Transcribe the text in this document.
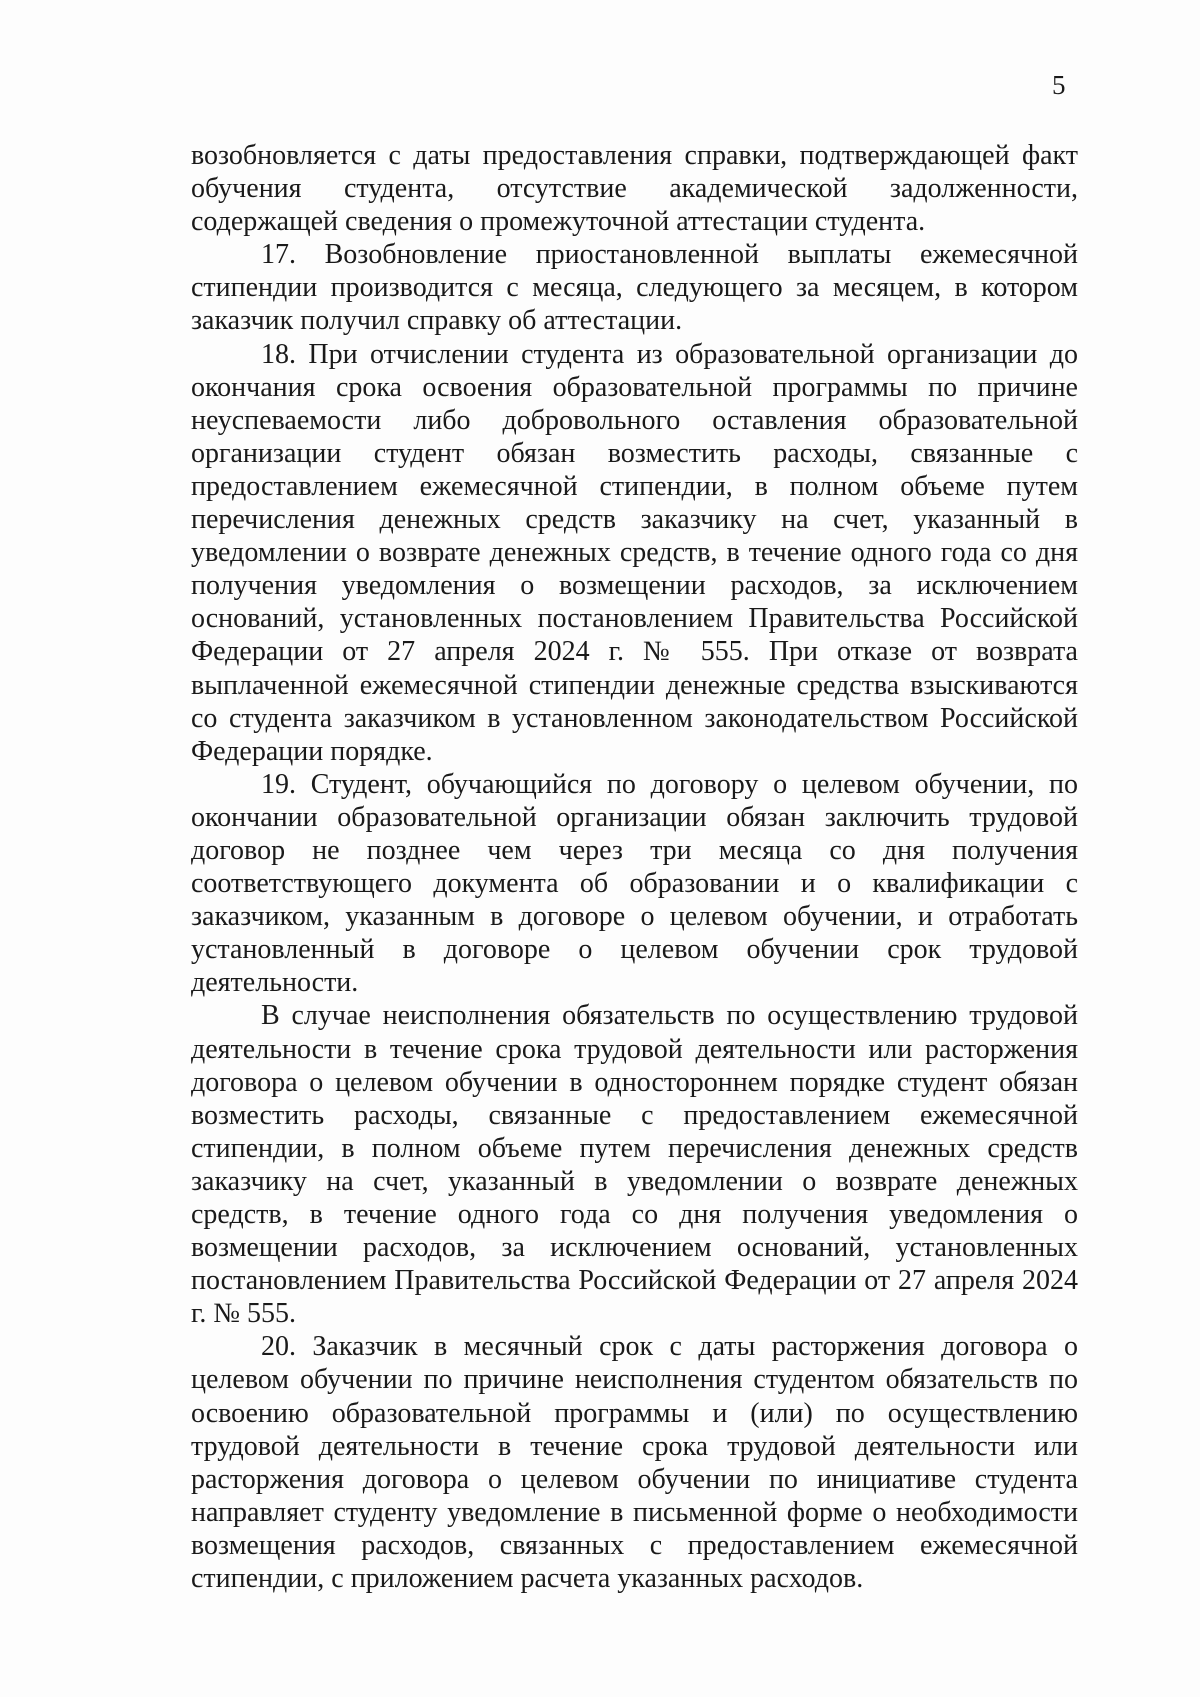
5

возобновляется с даты предоставления справки, подтверждающей факт обучения студента, отсутствие академической задолженности, содержащей сведения о промежуточной аттестации студента.

17. Возобновление приостановленной выплаты ежемесячной стипендии производится с месяца, следующего за месяцем, в котором заказчик получил справку об аттестации.

18. При отчислении студента из образовательной организации до окончания срока освоения образовательной программы по причине неуспеваемости либо добровольного оставления образовательной организации студент обязан возместить расходы, связанные с предоставлением ежемесячной стипендии, в полном объеме путем перечисления денежных средств заказчику на счет, указанный в уведомлении о возврате денежных средств, в течение одного года со дня получения уведомления о возмещении расходов, за исключением оснований, установленных постановлением Правительства Российской Федерации от 27 апреля 2024 г. № 555. При отказе от возврата выплаченной ежемесячной стипендии денежные средства взыскиваются со студента заказчиком в установленном законодательством Российской Федерации порядке.

19. Студент, обучающийся по договору о целевом обучении, по окончании образовательной организации обязан заключить трудовой договор не позднее чем через три месяца со дня получения соответствующего документа об образовании и о квалификации с заказчиком, указанным в договоре о целевом обучении, и отработать установленный в договоре о целевом обучении срок трудовой деятельности.

В случае неисполнения обязательств по осуществлению трудовой деятельности в течение срока трудовой деятельности или расторжения договора о целевом обучении в одностороннем порядке студент обязан возместить расходы, связанные с предоставлением ежемесячной стипендии, в полном объеме путем перечисления денежных средств заказчику на счет, указанный в уведомлении о возврате денежных средств, в течение одного года со дня получения уведомления о возмещении расходов, за исключением оснований, установленных постановлением Правительства Российской Федерации от 27 апреля 2024 г. № 555.

20. Заказчик в месячный срок с даты расторжения договора о целевом обучении по причине неисполнения студентом обязательств по освоению образовательной программы и (или) по осуществлению трудовой деятельности в течение срока трудовой деятельности или расторжения договора о целевом обучении по инициативе студента направляет студенту уведомление в письменной форме о необходимости возмещения расходов, связанных с предоставлением ежемесячной стипендии, с приложением расчета указанных расходов.
